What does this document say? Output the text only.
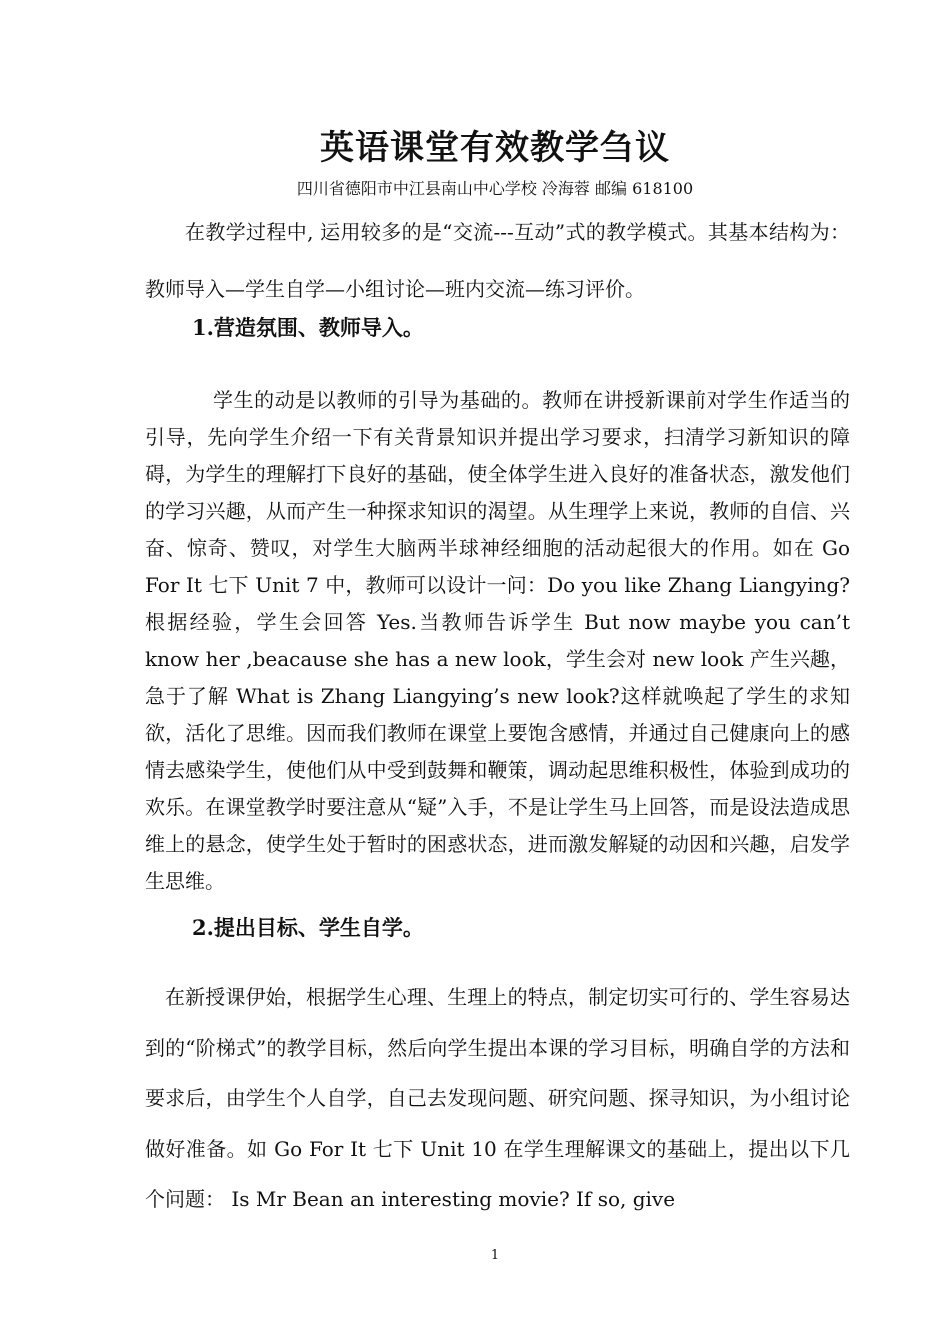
英语课堂有效教学刍议
四川省德阳市中江县南山中心学校 冷海蓉 邮编 618100

在教学过程中, 运用较多的是“交流---互动”式的教学模式。其基本结构为：教师导入—学生自学—小组讨论—班内交流—练习评价。

1.营造氛围、教师导入。

学生的动是以教师的引导为基础的。教师在讲授新课前对学生作适当的引导，先向学生介绍一下有关背景知识并提出学习要求，扫清学习新知识的障碍，为学生的理解打下良好的基础，使全体学生进入良好的准备状态，激发他们的学习兴趣，从而产生一种探求知识的渴望。从生理学上来说，教师的自信、兴奋、惊奇、赞叹，对学生大脑两半球神经细胞的活动起很大的作用。如在 Go For It 七下 Unit 7 中，教师可以设计一问：Do you like Zhang Liangying? 根据经验，学生会回答 Yes.当教师告诉学生 But now maybe you can’t know her ,beacause she has a new look，学生会对 new look 产生兴趣，急于了解 What is Zhang Liangying’s new look?这样就唤起了学生的求知欲，活化了思维。因而我们教师在课堂上要饱含感情，并通过自己健康向上的感情去感染学生，使他们从中受到鼓舞和鞭策，调动起思维积极性，体验到成功的欢乐。在课堂教学时要注意从“疑”入手，不是让学生马上回答，而是设法造成思维上的悬念，使学生处于暂时的困惑状态，进而激发解疑的动因和兴趣，启发学生思维。

2.提出目标、学生自学。

在新授课伊始，根据学生心理、生理上的特点，制定切实可行的、学生容易达到的“阶梯式”的教学目标，然后向学生提出本课的学习目标，明确自学的方法和要求后，由学生个人自学，自己去发现问题、研究问题、探寻知识，为小组讨论做好准备。如 Go For It 七下 Unit 10 在学生理解课文的基础上，提出以下几个问题： Is Mr Bean an interesting movie? If so, give

1
